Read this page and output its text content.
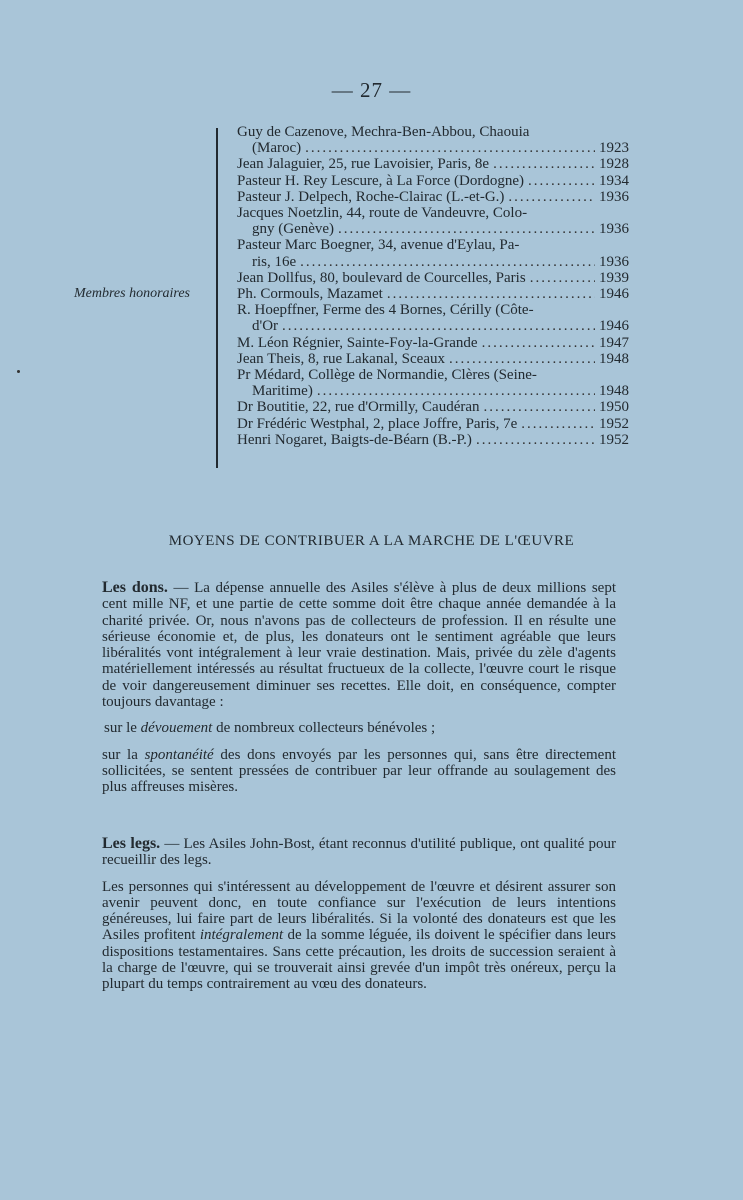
— 27 —
Membres honoraires
Guy de Cazenove, Mechra-Ben-Abbou, Chaouia
(Maroc) .....	1923
Jean Jalaguier, 25, rue Lavoisier, Paris, 8e .....	1928
Pasteur H. Rey Lescure, à La Force (Dordogne) .....	1934
Pasteur J. Delpech, Roche-Clairac (L.-et-G.) .....	1936
Jacques Noetzlin, 44, route de Vandeuvre, Colo-
gny (Genève) .....	1936
Pasteur Marc Boegner, 34, avenue d'Eylau, Pa-
ris, 16e .....	1936
Jean Dollfus, 80, boulevard de Courcelles, Paris .....	1939
Ph. Cormouls, Mazamet .....	1946
R. Hoepffner, Ferme des 4 Bornes, Cérilly (Côte-
d'Or .....	1946
M. Léon Régnier, Sainte-Foy-la-Grande .....	1947
Jean Theis, 8, rue Lakanal, Sceaux .....	1948
Pr Médard, Collège de Normandie, Clères (Seine-
Maritime) .....	1948
Dr Boutitie, 22, rue d'Ormilly, Caudéran .....	1950
Dr Frédéric Westphal, 2, place Joffre, Paris, 7e .....	1952
Henri Nogaret, Baigts-de-Béarn (B.-P.) .....	1952
MOYENS DE CONTRIBUER A LA MARCHE DE L'ŒUVRE

Les dons. — La dépense annuelle des Asiles s'élève à plus de deux millions sept cent mille NF, et une partie de cette somme doit être chaque année demandée à la charité privée. Or, nous n'avons pas de collecteurs de profession. Il en résulte une sérieuse économie et, de plus, les donateurs ont le sentiment agréable que leurs libéralités vont intégralement à leur vraie destination. Mais, privée du zèle d'agents matériellement intéressés au résultat fructueux de la collecte, l'œuvre court le risque de voir dangereusement diminuer ses recettes. Elle doit, en conséquence, compter toujours davantage :

sur le dévouement de nombreux collecteurs bénévoles ;

sur la spontanéité des dons envoyés par les personnes qui, sans être directement sollicitées, se sentent pressées de contribuer par leur offrande au soulagement des plus affreuses misères.

Les legs. — Les Asiles John-Bost, étant reconnus d'utilité publique, ont qualité pour recueillir des legs.

Les personnes qui s'intéressent au développement de l'œuvre et désirent assurer son avenir peuvent donc, en toute confiance sur l'exécution de leurs intentions généreuses, lui faire part de leurs libéralités. Si la volonté des donateurs est que les Asiles profitent intégralement de la somme léguée, ils doivent le spécifier dans leurs dispositions testamentaires. Sans cette précaution, les droits de succession seraient à la charge de l'œuvre, qui se trouverait ainsi grevée d'un impôt très onéreux, perçu la plupart du temps contrairement au vœu des donateurs.
